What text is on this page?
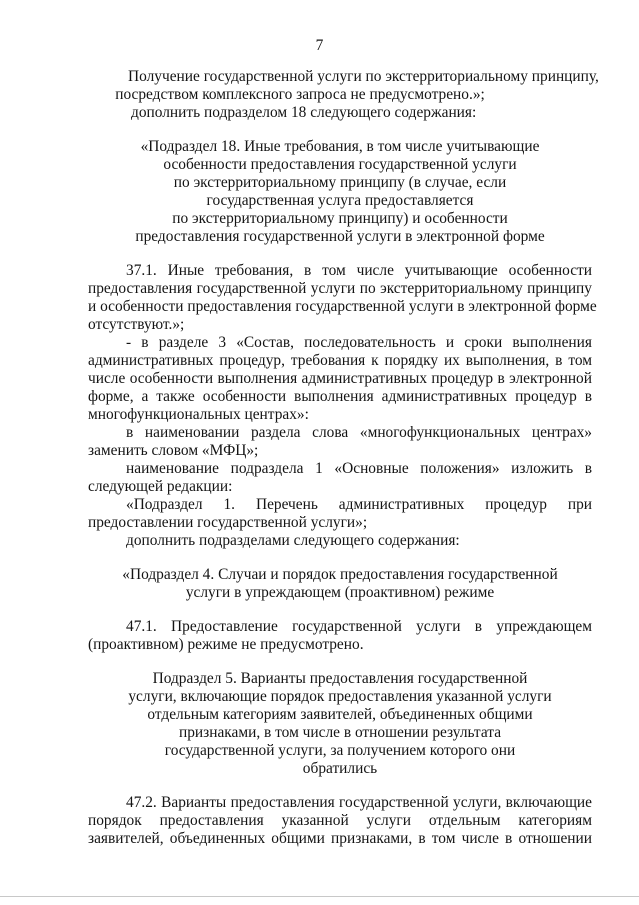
7
Получение государственной услуги по экстерриториальному принципу,
посредством комплексного запроса не предусмотрено.»;
дополнить подразделом 18 следующего содержания:
«Подраздел 18. Иные требования, в том числе учитывающие
особенности предоставления государственной услуги
по экстерриториальному принципу (в случае, если
государственная услуга предоставляется
по экстерриториальному принципу) и особенности
предоставления государственной услуги в электронной форме
37.1. Иные требования, в том числе учитывающие особенности
предоставления государственной услуги по экстерриториальному принципу
и особенности предоставления государственной услуги в электронной форме
отсутствуют.»;
- в разделе 3 «Состав, последовательность и сроки выполнения
административных процедур, требования к порядку их выполнения, в том
числе особенности выполнения административных процедур в электронной
форме, а также особенности выполнения административных процедур в
многофункциональных центрах»:
в наименовании раздела слова «многофункциональных центрах»
заменить словом «МФЦ»;
наименование подраздела 1 «Основные положения» изложить в
следующей редакции:
«Подраздел 1. Перечень административных процедур при
предоставлении государственной услуги»;
дополнить подразделами следующего содержания:
«Подраздел 4. Случаи и порядок предоставления государственной
услуги в упреждающем (проактивном) режиме
47.1. Предоставление государственной услуги в упреждающем
(проактивном) режиме не предусмотрено.
Подраздел 5. Варианты предоставления государственной
услуги, включающие порядок предоставления указанной услуги
отдельным категориям заявителей, объединенных общими
признаками, в том числе в отношении результата
государственной услуги, за получением которого они
обратились
47.2. Варианты предоставления государственной услуги, включающие
порядок предоставления указанной услуги отдельным категориям
заявителей, объединенных общими признаками, в том числе в отношении
